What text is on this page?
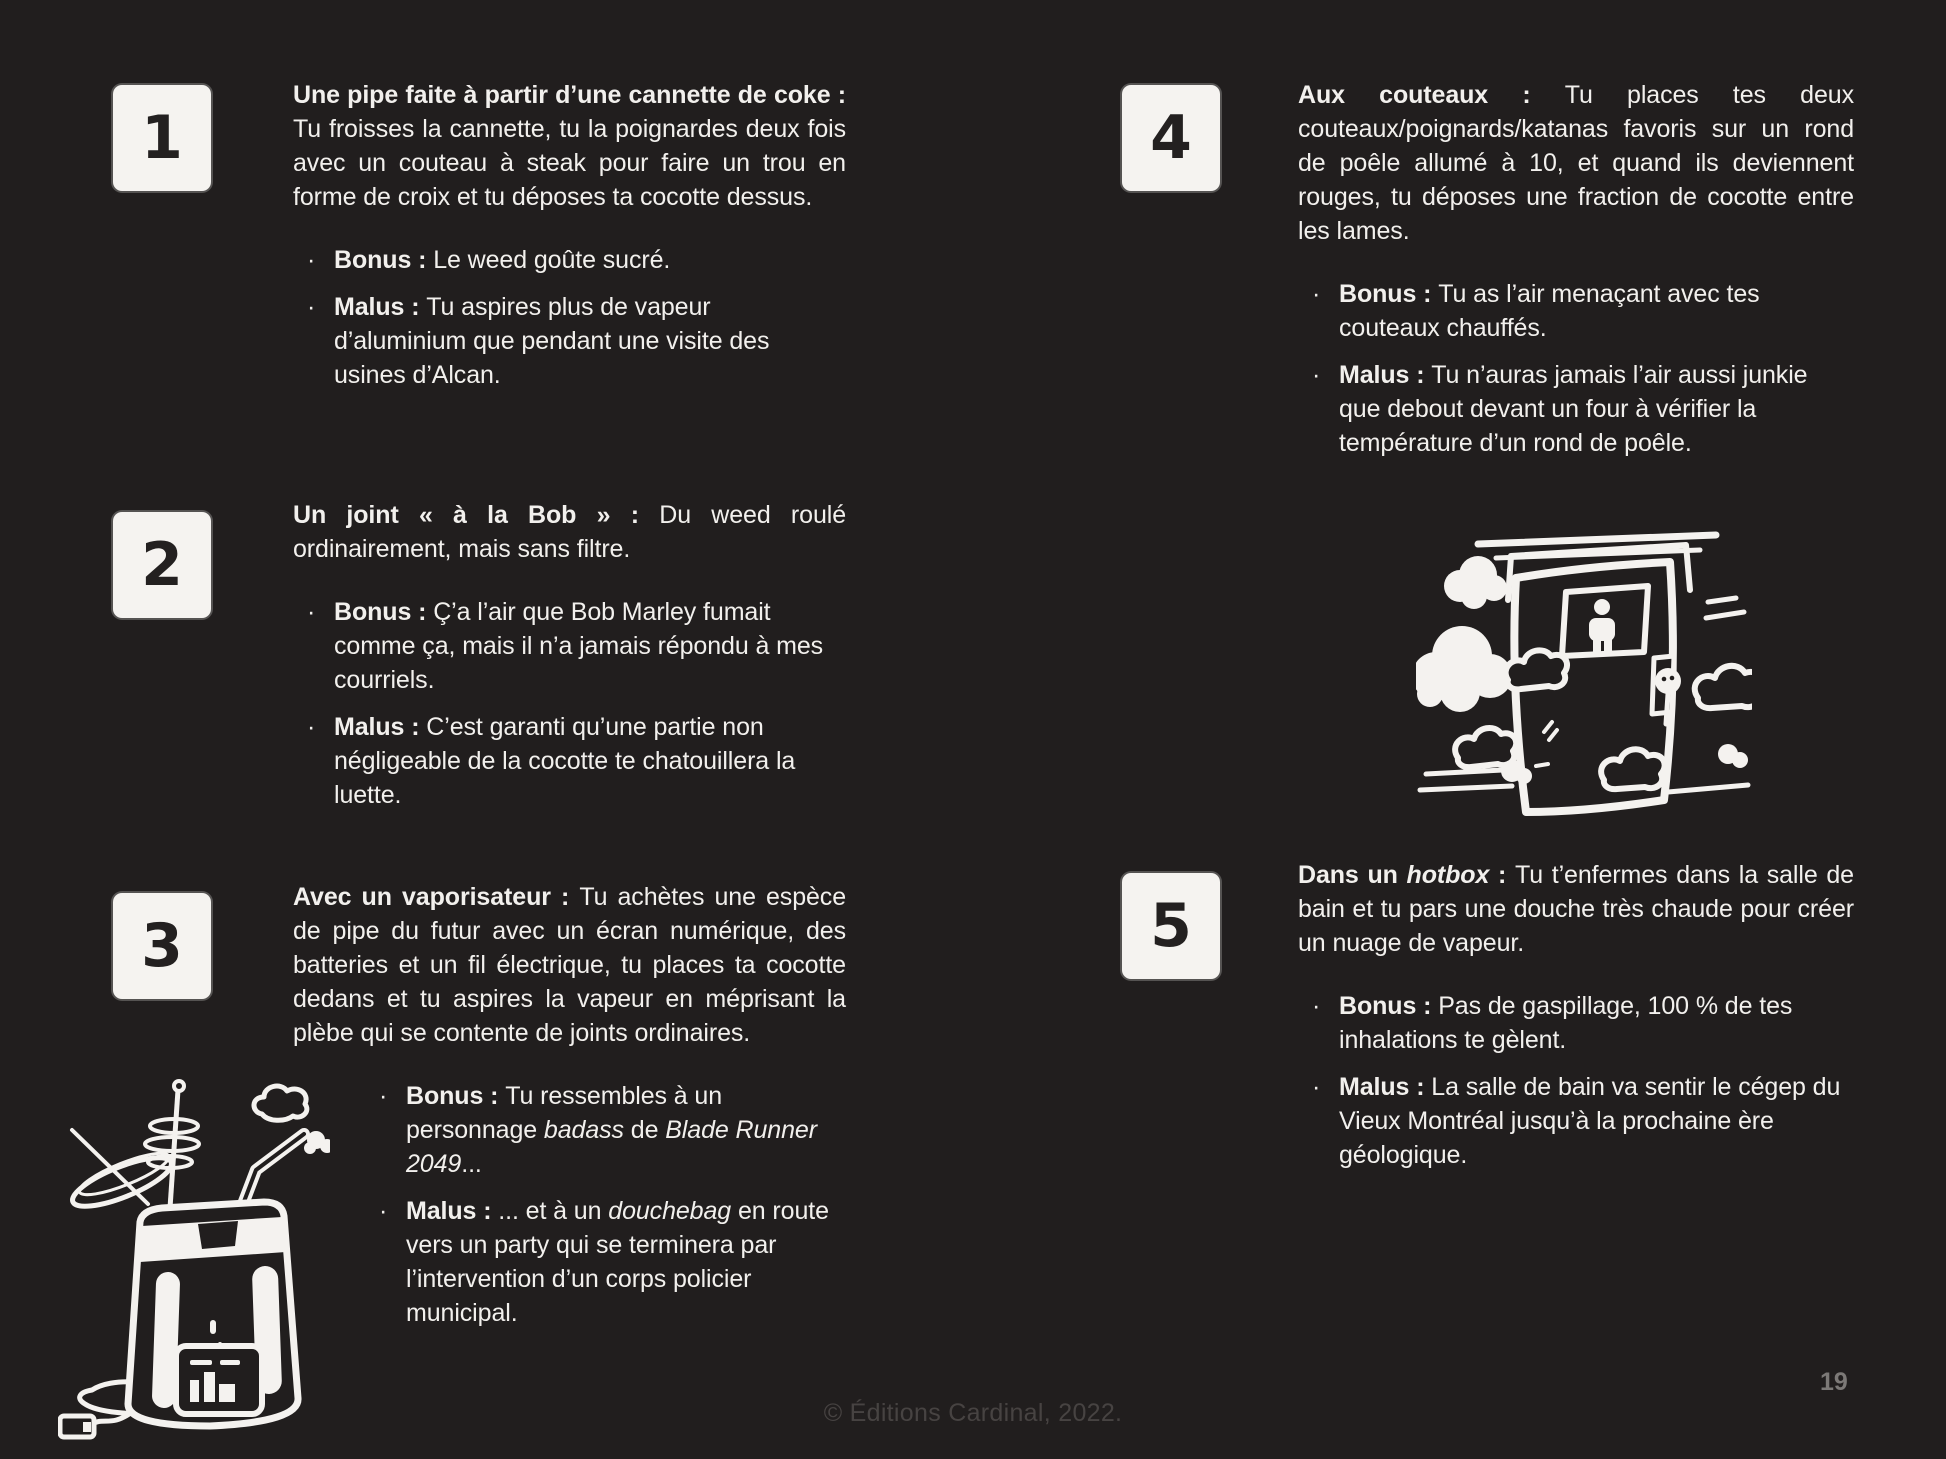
1
Une pipe faite à partir d’une cannette de coke : Tu froisses la cannette, tu la poignardes deux fois avec un couteau à steak pour faire un trou en forme de croix et tu déposes ta cocotte dessus.
· Bonus : Le weed goûte sucré.
· Malus : Tu aspires plus de vapeur d’aluminium que pendant une visite des usines d’Alcan.
2
Un joint « à la Bob » : Du weed roulé ordinairement, mais sans filtre.
· Bonus : Ç’a l’air que Bob Marley fumait comme ça, mais il n’a jamais répondu à mes courriels.
· Malus : C’est garanti qu’une partie non négligeable de la cocotte te chatouillera la luette.
3
Avec un vaporisateur : Tu achètes une espèce de pipe du futur avec un écran numérique, des batteries et un fil électrique, tu places ta cocotte dedans et tu aspires la vapeur en méprisant la plèbe qui se contente de joints ordinaires.
· Bonus : Tu ressembles à un personnage badass de Blade Runner 2049...
· Malus : ... et à un douchebag en route vers un party qui se terminera par l’intervention d’un corps policier municipal.
4
Aux couteaux : Tu places tes deux couteaux/poignards/katanas favoris sur un rond de poêle allumé à 10, et quand ils deviennent rouges, tu déposes une fraction de cocotte entre les lames.
· Bonus : Tu as l’air menaçant avec tes couteaux chauffés.
· Malus : Tu n’auras jamais l’air aussi junkie que debout devant un four à vérifier la température d’un rond de poêle.
5
Dans un hotbox : Tu t’enfermes dans la salle de bain et tu pars une douche très chaude pour créer un nuage de vapeur.
· Bonus : Pas de gaspillage, 100 % de tes inhalations te gèlent.
· Malus : La salle de bain va sentir le cégep du Vieux Montréal jusqu’à la prochaine ère géologique.
© Éditions Cardinal, 2022.
19
